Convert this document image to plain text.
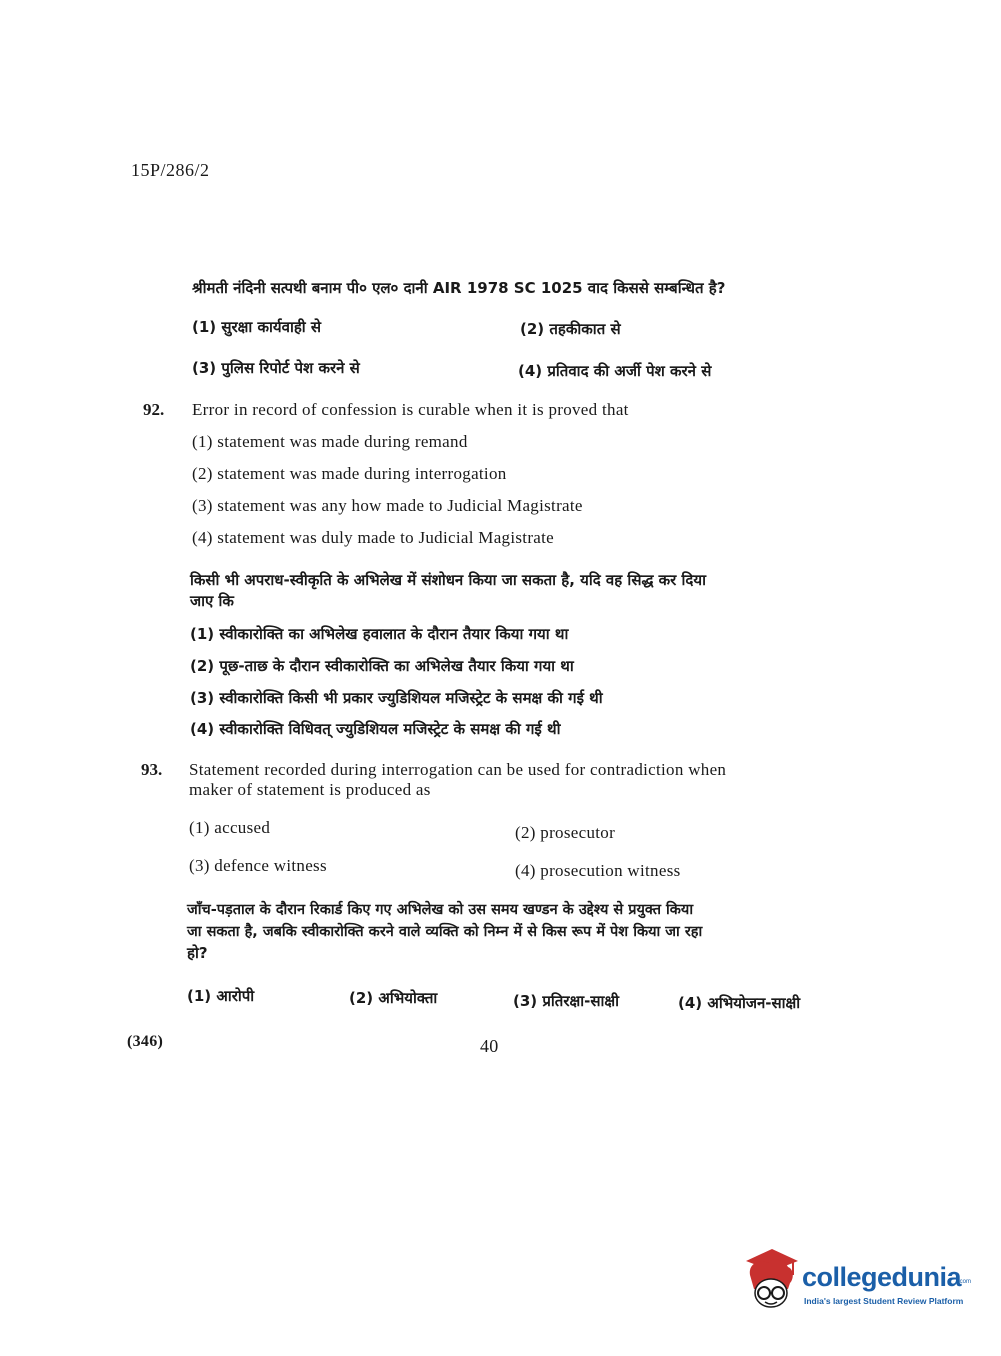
15P/286/2
श्रीमती नंदिनी सत्पथी बनाम पी० एल० दानी AIR 1978 SC 1025 वाद किससे सम्बन्धित है?
(1) सुरक्षा कार्यवाही से	(2) तहकीकात से
(3) पुलिस रिपोर्ट पेश करने से	(4) प्रतिवाद की अर्जी पेश करने से
92. Error in record of confession is curable when it is proved that
(1) statement was made during remand
(2) statement was made during interrogation
(3) statement was any how made to Judicial Magistrate
(4) statement was duly made to Judicial Magistrate
किसी भी अपराध-स्वीकृति के अभिलेख में संशोधन किया जा सकता है, यदि वह सिद्ध कर दिया
जाए कि
(1) स्वीकारोक्ति का अभिलेख हवालात के दौरान तैयार किया गया था
(2) पूछ-ताछ के दौरान स्वीकारोक्ति का अभिलेख तैयार किया गया था
(3) स्वीकारोक्ति किसी भी प्रकार ज्युडिशियल मजिस्ट्रेट के समक्ष की गई थी
(4) स्वीकारोक्ति विधिवत् ज्युडिशियल मजिस्ट्रेट के समक्ष की गई थी
93. Statement recorded during interrogation can be used for contradiction when
maker of statement is produced as
(1) accused	(2) prosecutor
(3) defence witness	(4) prosecution witness
जाँच-पड़ताल के दौरान रिकार्ड किए गए अभिलेख को उस समय खण्डन के उद्देश्य से प्रयुक्त किया
जा सकता है, जबकि स्वीकारोक्ति करने वाले व्यक्ति को निम्न में से किस रूप में पेश किया जा रहा
हो?
(1) आरोपी	(2) अभियोक्ता	(3) प्रतिरक्षा-साक्षी	(4) अभियोजन-साक्षी
(346)	40
collegedunia
.com
India's largest Student Review Platform
